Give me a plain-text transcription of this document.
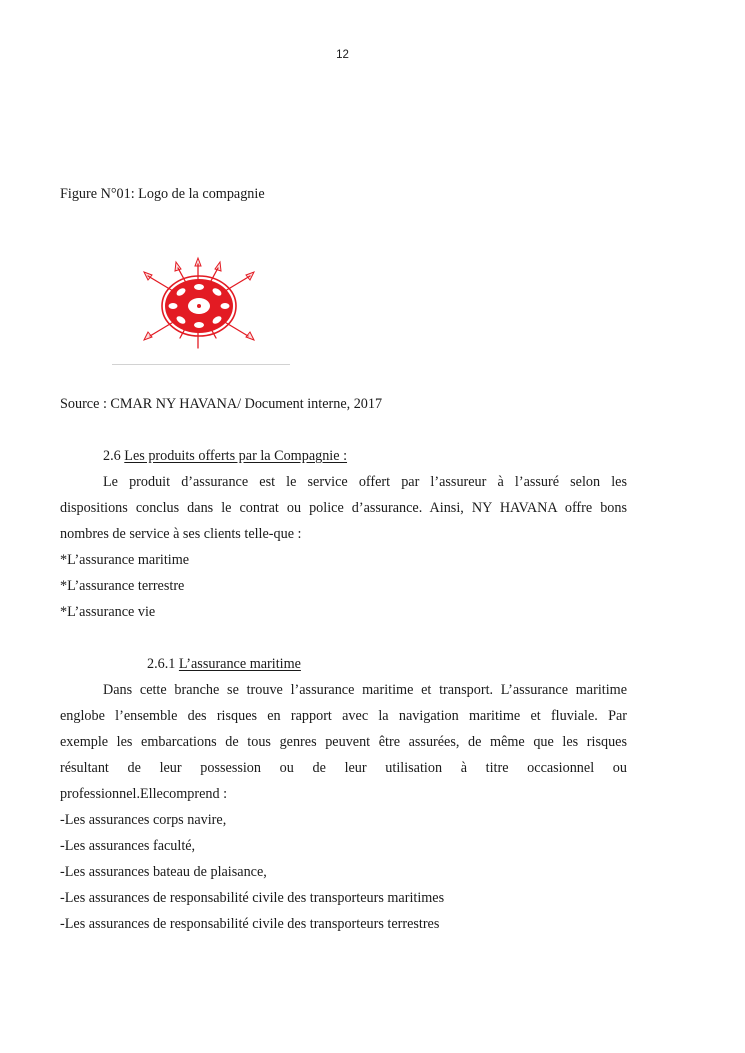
12
Figure N°01: Logo de la compagnie
Source : CMAR NY HAVANA/ Document interne, 2017
2.6 Les produits offerts par la Compagnie :
Le produit d’assurance est le service offert par l’assureur à l’assuré selon les
dispositions conclus dans le contrat ou police d’assurance. Ainsi, NY HAVANA offre bons
nombres de service à ses clients telle-que :
*L’assurance maritime
*L’assurance terrestre
*L’assurance vie
2.6.1 L’assurance maritime
Dans cette branche se trouve l’assurance maritime et transport. L’assurance maritime
englobe l’ensemble des risques en rapport avec la navigation maritime et fluviale. Par
exemple les embarcations de tous genres peuvent être assurées, de même que les risques
résultant de leur possession ou de leur utilisation à titre occasionnel ou
professionnel.Ellecomprend :
-Les assurances corps navire,
-Les assurances faculté,
-Les assurances bateau de plaisance,
-Les assurances de responsabilité civile des transporteurs maritimes
-Les assurances de responsabilité civile des transporteurs terrestres
